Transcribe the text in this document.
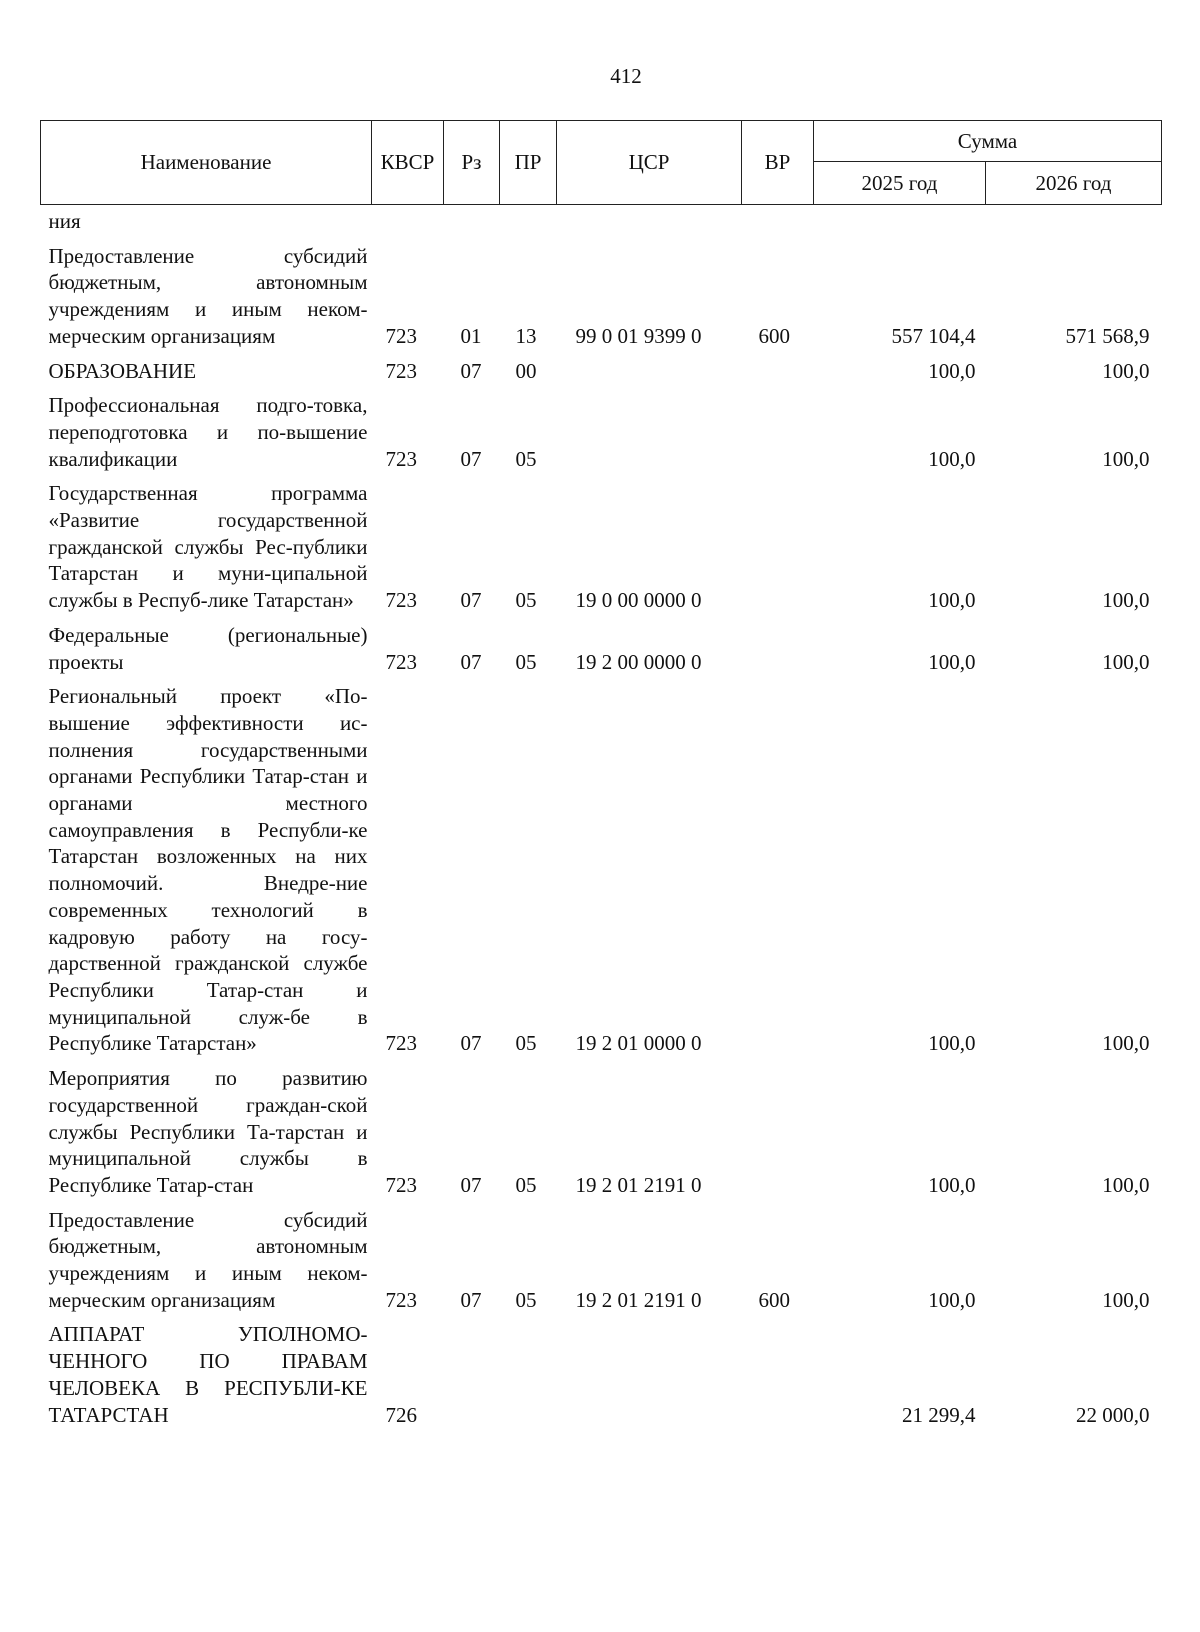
412
Наименование	КВСР	Рз	ПР	ЦСР	ВР	Сумма	
						2025 год	2026 год
ния							
Предоставление субсидий бюджетным, автономным учреждениям и иным неком-мерческим организациям	723	01	13	99 0 01 9399 0	600	557 104,4	571 568,9
ОБРАЗОВАНИЕ	723	07	00			100,0	100,0
Профессиональная подго-товка, переподготовка и по-вышение квалификации	723	07	05			100,0	100,0
Государственная программа «Развитие государственной гражданской службы Рес-публики Татарстан и муни-ципальной службы в Респуб-лике Татарстан»	723	07	05	19 0 00 0000 0		100,0	100,0
Федеральные (региональные) проекты	723	07	05	19 2 00 0000 0		100,0	100,0
Региональный проект «По-вышение эффективности ис-полнения государственными органами Республики Татар-стан и органами местного самоуправления в Республи-ке Татарстан возложенных на них полномочий. Внедре-ние современных технологий в кадровую работу на госу-дарственной гражданской службе Республики Татар-стан и муниципальной служ-бе в Республике Татарстан»	723	07	05	19 2 01 0000 0		100,0	100,0
Мероприятия по развитию государственной граждан-ской службы Республики Та-тарстан и муниципальной службы в Республике Татар-стан	723	07	05	19 2 01 2191 0		100,0	100,0
Предоставление субсидий бюджетным, автономным учреждениям и иным неком-мерческим организациям	723	07	05	19 2 01 2191 0	600	100,0	100,0
АППАРАТ УПОЛНОМО-ЧЕННОГО ПО ПРАВАМ ЧЕЛОВЕКА В РЕСПУБЛИ-КЕ ТАТАРСТАН	726					21 299,4	22 000,0
